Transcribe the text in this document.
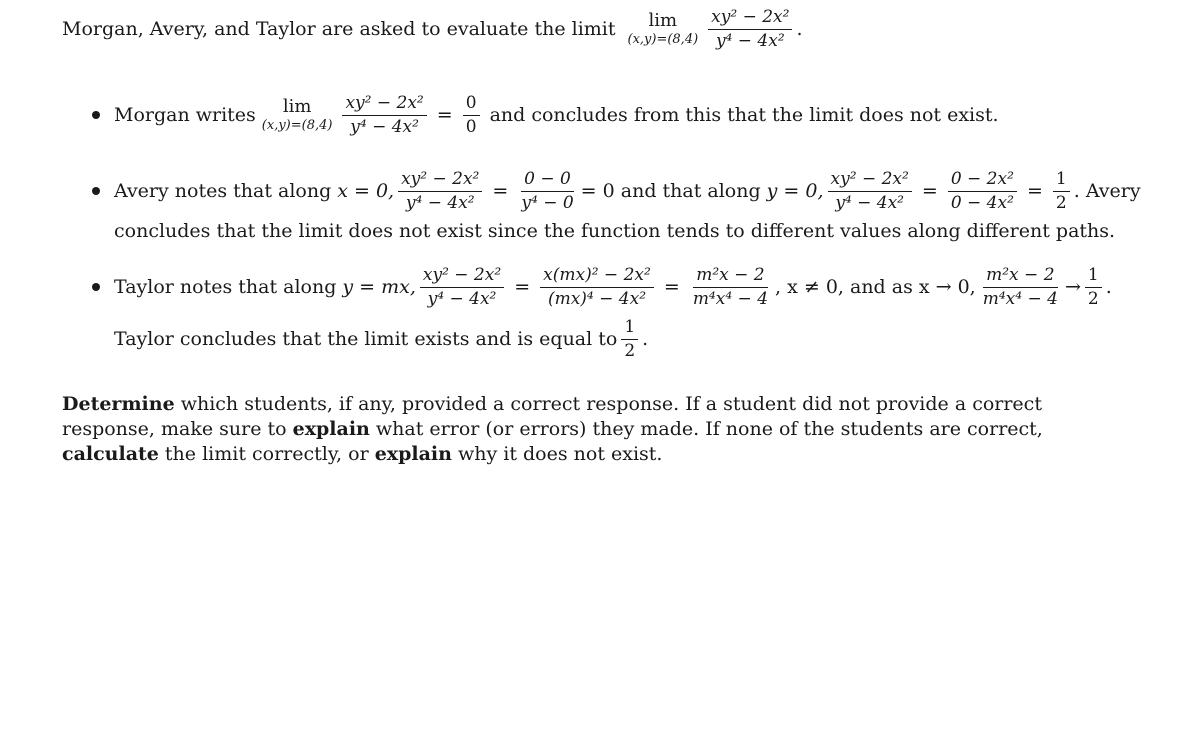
Morgan, Avery, and Taylor are asked to evaluate the limit lim
$(x,y)=(8,4) \frac{\text{xy² − 2x²}}{\text{y⁴ − 4x²}}$ .
Morgan writes lim
$(x,y)=(8,4) \frac{\text{xy² − 2x²}}{\text{y⁴ − 4x²}} = \frac{0}{0}$ and concludes from this that the limit does not exist.
Avery notes that along x = 0, $\frac{\text{xy² − 2x²}}{\text{y⁴ − 4x²}} = \frac{0 - 0}{\text{y⁴ − 0}} = 0$ and that along y = 0, $\frac{\text{xy² − 2x²}}{\text{y⁴ − 4x²}} = \frac{\text{0 − 2x²}}{\text{0 − 4x²}} = \frac{1}{2}$ . Avery
concludes that the limit does not exist since the function tends to different values along different paths.
Taylor notes that along y = mx, $\frac{\text{xy² − 2x²}}{\text{y⁴ − 4x²}} = \frac{\text{x(mx)² − 2x²}}{\text{(mx)⁴ − 4x²}} = \frac{\text{m²x − 2}}{\text{m⁴x⁴ − 4}}$ , x ≠ 0, and as x → 0, $\frac{\text{m²x − 2}}{\text{m⁴x⁴ − 4}} \to \frac{1}{2}$ .
Taylor concludes that the limit exists and is equal to $\frac{1}{2}$ .
Determine which students, if any, provided a correct response. If a student did not provide a correct response, make sure to explain what error (or errors) they made. If none of the students are correct, calculate the limit correctly, or explain why it does not exist.
